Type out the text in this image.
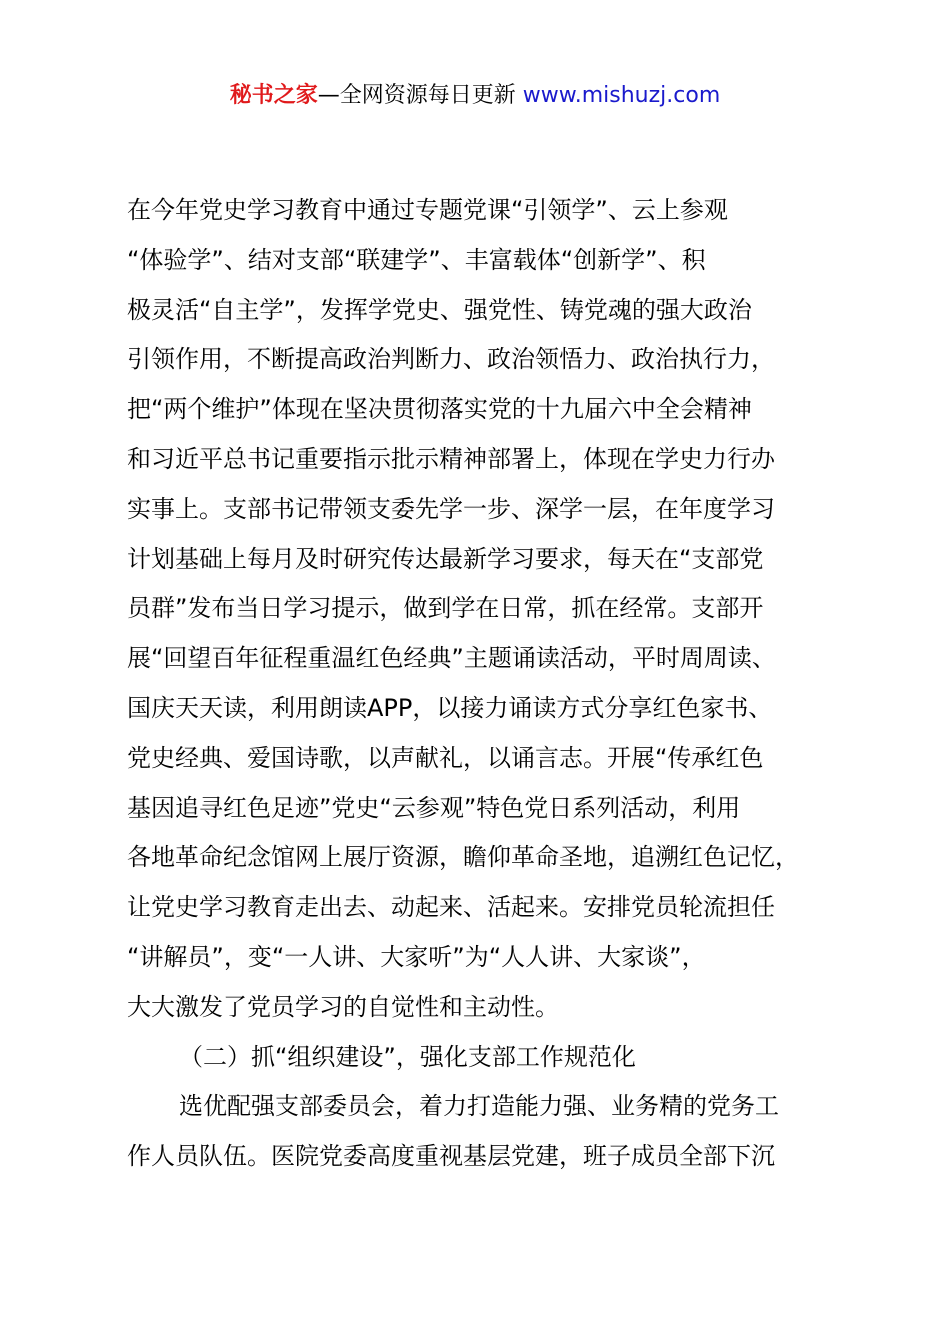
秘书之家—全网资源每日更新 www.mishuzj.com
在今年党史学习教育中通过专题党课“引领学”、云上参观
“体验学”、结对支部“联建学”、丰富载体“创新学”、积
极灵活“自主学”，发挥学党史、强党性、铸党魂的强大政治
引领作用，不断提高政治判断力、政治领悟力、政治执行力，
把“两个维护”体现在坚决贯彻落实党的十九届六中全会精神
和习近平总书记重要指示批示精神部署上，体现在学史力行办
实事上。支部书记带领支委先学一步、深学一层，在年度学习
计划基础上每月及时研究传达最新学习要求，每天在“支部党
员群”发布当日学习提示，做到学在日常，抓在经常。支部开
展“回望百年征程重温红色经典”主题诵读活动，平时周周读、
国庆天天读，利用朗读APP，以接力诵读方式分享红色家书、
党史经典、爱国诗歌，以声献礼，以诵言志。开展“传承红色
基因追寻红色足迹”党史“云参观”特色党日系列活动，利用
各地革命纪念馆网上展厅资源，瞻仰革命圣地，追溯红色记忆，
让党史学习教育走出去、动起来、活起来。安排党员轮流担任
“讲解员”，变“一人讲、大家听”为“人人讲、大家谈”，
大大激发了党员学习的自觉性和主动性。
（二）抓“组织建设”，强化支部工作规范化
选优配强支部委员会，着力打造能力强、业务精的党务工
作人员队伍。医院党委高度重视基层党建，班子成员全部下沉
